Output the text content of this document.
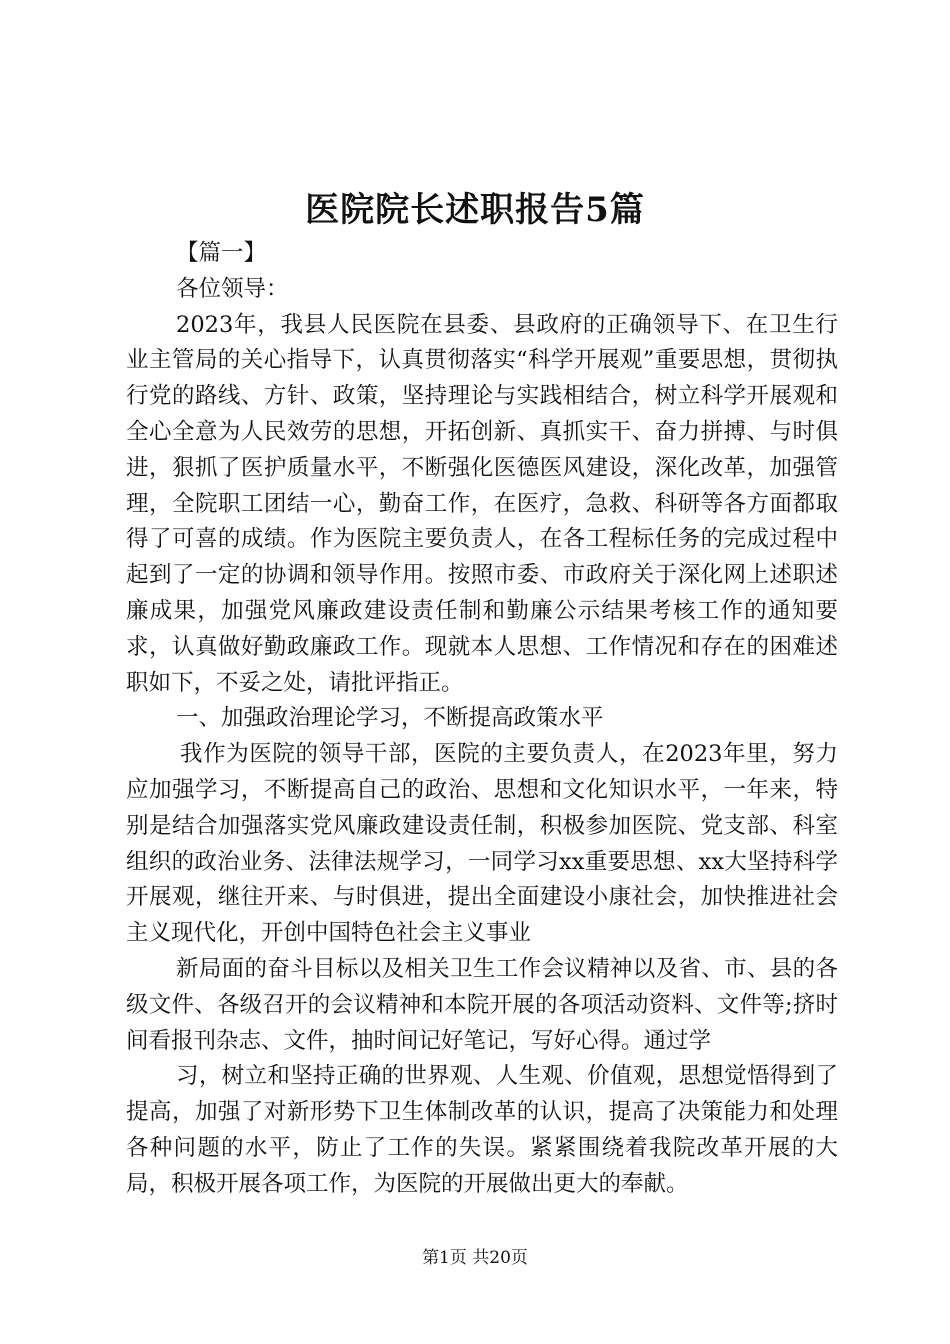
医院院长述职报告5篇

【篇一】

各位领导：

2023年，我县人民医院在县委、县政府的正确领导下、在卫生行业主管局的关心指导下，认真贯彻落实“科学开展观”重要思想，贯彻执行党的路线、方针、政策，坚持理论与实践相结合，树立科学开展观和全心全意为人民效劳的思想，开拓创新、真抓实干、奋力拼搏、与时俱进，狠抓了医护质量水平，不断强化医德医风建设，深化改革，加强管理，全院职工团结一心，勤奋工作，在医疗，急救、科研等各方面都取得了可喜的成绩。作为医院主要负责人，在各工程标任务的完成过程中起到了一定的协调和领导作用。按照市委、市政府关于深化网上述职述廉成果，加强党风廉政建设责任制和勤廉公示结果考核工作的通知要求，认真做好勤政廉政工作。现就本人思想、工作情况和存在的困难述职如下，不妥之处，请批评指正。

一、加强政治理论学习，不断提高政策水平

我作为医院的领导干部，医院的主要负责人，在2023年里，努力应加强学习，不断提高自己的政治、思想和文化知识水平，一年来，特别是结合加强落实党风廉政建设责任制，积极参加医院、党支部、科室组织的政治业务、法律法规学习，一同学习xx重要思想、xx大坚持科学开展观，继往开来、与时俱进，提出全面建设小康社会，加快推进社会主义现代化，开创中国特色社会主义事业

新局面的奋斗目标以及相关卫生工作会议精神以及省、市、县的各级文件、各级召开的会议精神和本院开展的各项活动资料、文件等;挤时间看报刊杂志、文件，抽时间记好笔记，写好心得。通过学

习，树立和坚持正确的世界观、人生观、价值观，思想觉悟得到了提高，加强了对新形势下卫生体制改革的认识，提高了决策能力和处理各种问题的水平，防止了工作的失误。紧紧围绕着我院改革开展的大局，积极开展各项工作，为医院的开展做出更大的奉献。

第1页 共20页
